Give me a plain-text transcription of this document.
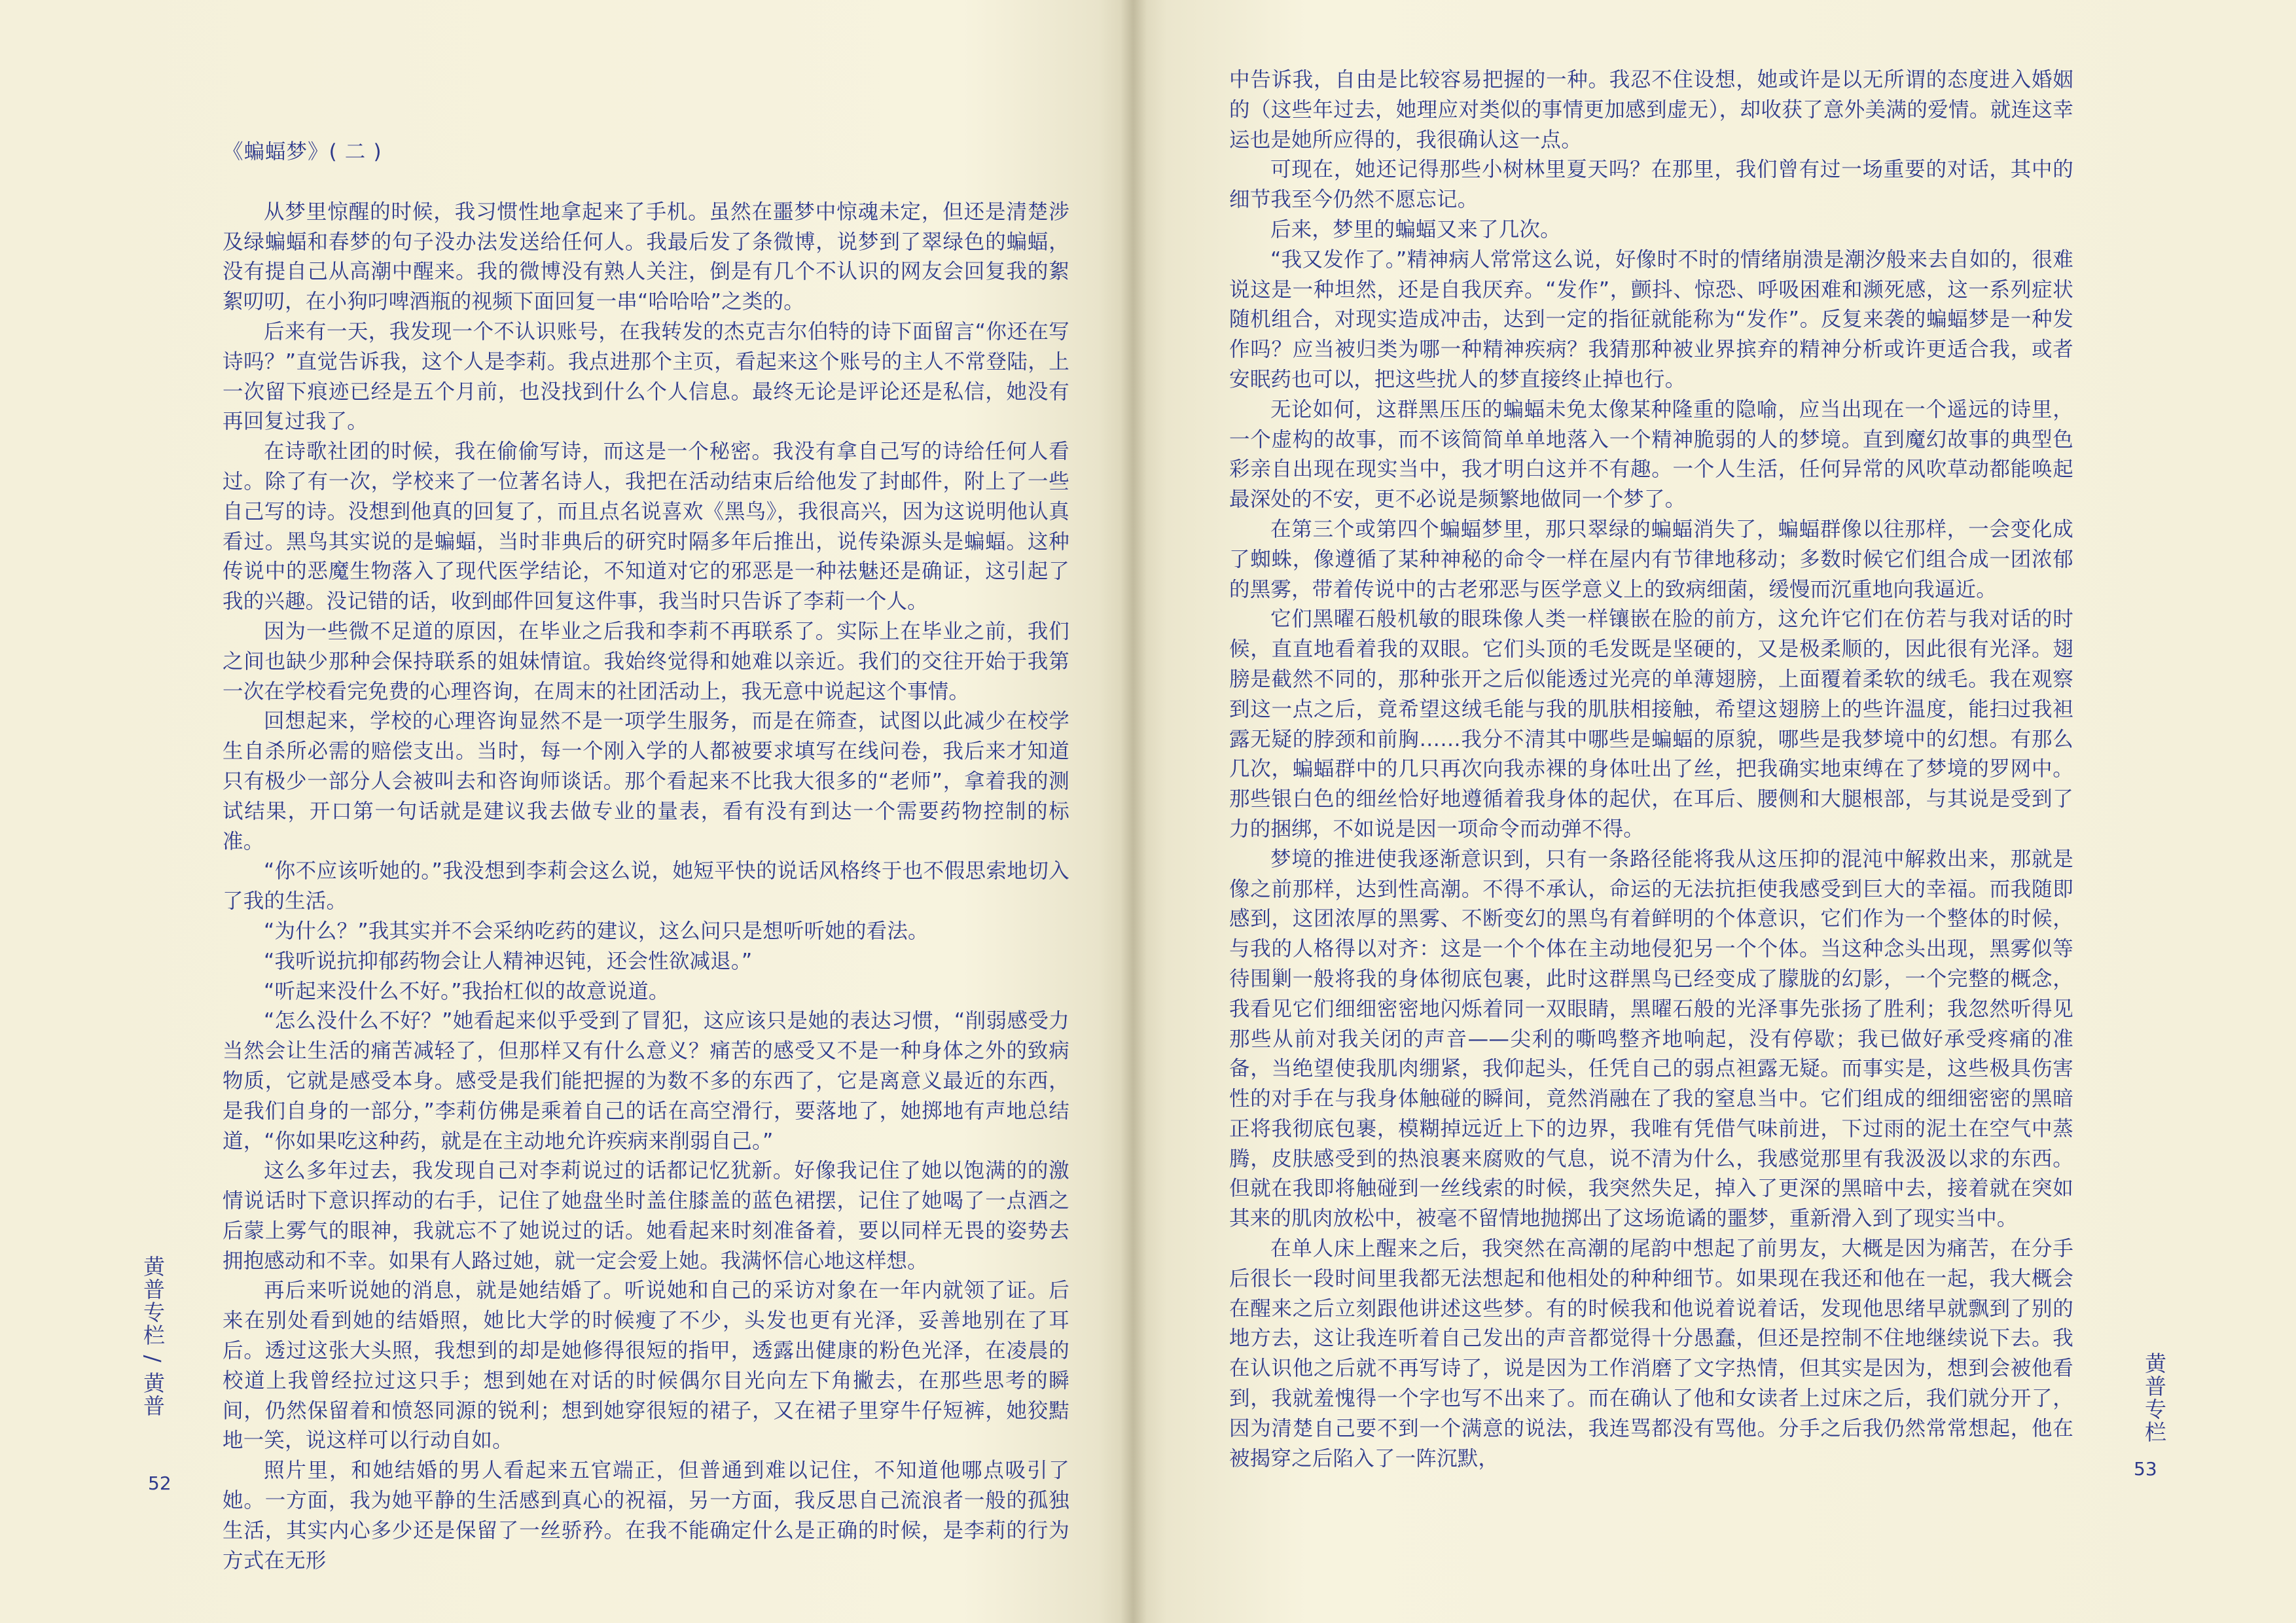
《蝙蝠梦》( 二 )

从梦里惊醒的时候，我习惯性地拿起来了手机。虽然在噩梦中惊魂未定，但还是清楚涉及绿蝙蝠和春梦的句子没办法发送给任何人。我最后发了条微博，说梦到了翠绿色的蝙蝠，没有提自己从高潮中醒来。我的微博没有熟人关注，倒是有几个不认识的网友会回复我的絮絮叨叨，在小狗叼啤酒瓶的视频下面回复一串“哈哈哈”之类的。

后来有一天，我发现一个不认识账号，在我转发的杰克吉尔伯特的诗下面留言“你还在写诗吗？”直觉告诉我，这个人是李莉。我点进那个主页，看起来这个账号的主人不常登陆，上一次留下痕迹已经是五个月前，也没找到什么个人信息。最终无论是评论还是私信，她没有再回复过我了。

在诗歌社团的时候，我在偷偷写诗，而这是一个秘密。我没有拿自己写的诗给任何人看过。除了有一次，学校来了一位著名诗人，我把在活动结束后给他发了封邮件，附上了一些自己写的诗。没想到他真的回复了，而且点名说喜欢《黑鸟》，我很高兴，因为这说明他认真看过。黑鸟其实说的是蝙蝠，当时非典后的研究时隔多年后推出，说传染源头是蝙蝠。这种传说中的恶魔生物落入了现代医学结论，不知道对它的邪恶是一种祛魅还是确证，这引起了我的兴趣。没记错的话，收到邮件回复这件事，我当时只告诉了李莉一个人。

因为一些微不足道的原因，在毕业之后我和李莉不再联系了。实际上在毕业之前，我们之间也缺少那种会保持联系的姐妹情谊。我始终觉得和她难以亲近。我们的交往开始于我第一次在学校看完免费的心理咨询，在周末的社团活动上，我无意中说起这个事情。

回想起来，学校的心理咨询显然不是一项学生服务，而是在筛查，试图以此减少在校学生自杀所必需的赔偿支出。当时，每一个刚入学的人都被要求填写在线问卷，我后来才知道只有极少一部分人会被叫去和咨询师谈话。那个看起来不比我大很多的“老师”，拿着我的测试结果，开口第一句话就是建议我去做专业的量表，看有没有到达一个需要药物控制的标准。

“你不应该听她的。”我没想到李莉会这么说，她短平快的说话风格终于也不假思索地切入了我的生活。

“为什么？”我其实并不会采纳吃药的建议，这么问只是想听听她的看法。

“我听说抗抑郁药物会让人精神迟钝，还会性欲减退。”

“听起来没什么不好。”我抬杠似的故意说道。

“怎么没什么不好？”她看起来似乎受到了冒犯，这应该只是她的表达习惯，“削弱感受力当然会让生活的痛苦减轻了，但那样又有什么意义？痛苦的感受又不是一种身体之外的致病物质，它就是感受本身。感受是我们能把握的为数不多的东西了，它是离意义最近的东西，是我们自身的一部分，”李莉仿佛是乘着自己的话在高空滑行，要落地了，她掷地有声地总结道，“你如果吃这种药，就是在主动地允许疾病来削弱自己。”

这么多年过去，我发现自己对李莉说过的话都记忆犹新。好像我记住了她以饱满的的激情说话时下意识挥动的右手，记住了她盘坐时盖住膝盖的蓝色裙摆，记住了她喝了一点酒之后蒙上雾气的眼神，我就忘不了她说过的话。她看起来时刻准备着，要以同样无畏的姿势去拥抱感动和不幸。如果有人路过她，就一定会爱上她。我满怀信心地这样想。

再后来听说她的消息，就是她结婚了。听说她和自己的采访对象在一年内就领了证。后来在别处看到她的结婚照，她比大学的时候瘦了不少，头发也更有光泽，妥善地别在了耳后。透过这张大头照，我想到的却是她修得很短的指甲，透露出健康的粉色光泽，在凌晨的校道上我曾经拉过这只手；想到她在对话的时候偶尔目光向左下角撇去，在那些思考的瞬间，仍然保留着和愤怒同源的锐利；想到她穿很短的裙子，又在裙子里穿牛仔短裤，她狡黠地一笑，说这样可以行动自如。

照片里，和她结婚的男人看起来五官端正，但普通到难以记住，不知道他哪点吸引了她。一方面，我为她平静的生活感到真心的祝福，另一方面，我反思自己流浪者一般的孤独生活，其实内心多少还是保留了一丝骄矜。在我不能确定什么是正确的时候，是李莉的行为方式在无形

黄普专栏 / 黄普
52

中告诉我，自由是比较容易把握的一种。我忍不住设想，她或许是以无所谓的态度进入婚姻的（这些年过去，她理应对类似的事情更加感到虚无），却收获了意外美满的爱情。就连这幸运也是她所应得的，我很确认这一点。

可现在，她还记得那些小树林里夏天吗？在那里，我们曾有过一场重要的对话，其中的细节我至今仍然不愿忘记。

后来，梦里的蝙蝠又来了几次。

“我又发作了。”精神病人常常这么说，好像时不时的情绪崩溃是潮汐般来去自如的，很难说这是一种坦然，还是自我厌弃。“发作”，颤抖、惊恐、呼吸困难和濒死感，这一系列症状随机组合，对现实造成冲击，达到一定的指征就能称为“发作”。反复来袭的蝙蝠梦是一种发作吗？应当被归类为哪一种精神疾病？我猜那种被业界摈弃的精神分析或许更适合我，或者安眠药也可以，把这些扰人的梦直接终止掉也行。

无论如何，这群黑压压的蝙蝠未免太像某种隆重的隐喻，应当出现在一个遥远的诗里，一个虚构的故事，而不该简简单单地落入一个精神脆弱的人的梦境。直到魔幻故事的典型色彩亲自出现在现实当中，我才明白这并不有趣。一个人生活，任何异常的风吹草动都能唤起最深处的不安，更不必说是频繁地做同一个梦了。

在第三个或第四个蝙蝠梦里，那只翠绿的蝙蝠消失了，蝙蝠群像以往那样，一会变化成了蜘蛛，像遵循了某种神秘的命令一样在屋内有节律地移动；多数时候它们组合成一团浓郁的黑雾，带着传说中的古老邪恶与医学意义上的致病细菌，缓慢而沉重地向我逼近。

它们黑曜石般机敏的眼珠像人类一样镶嵌在脸的前方，这允许它们在仿若与我对话的时候，直直地看着我的双眼。它们头顶的毛发既是坚硬的，又是极柔顺的，因此很有光泽。翅膀是截然不同的，那种张开之后似能透过光亮的单薄翅膀，上面覆着柔软的绒毛。我在观察到这一点之后，竟希望这绒毛能与我的肌肤相接触，希望这翅膀上的些许温度，能扫过我袒露无疑的脖颈和前胸……我分不清其中哪些是蝙蝠的原貌，哪些是我梦境中的幻想。有那么几次，蝙蝠群中的几只再次向我赤裸的身体吐出了丝，把我确实地束缚在了梦境的罗网中。那些银白色的细丝恰好地遵循着我身体的起伏，在耳后、腰侧和大腿根部，与其说是受到了力的捆绑，不如说是因一项命令而动弹不得。

梦境的推进使我逐渐意识到，只有一条路径能将我从这压抑的混沌中解救出来，那就是像之前那样，达到性高潮。不得不承认，命运的无法抗拒使我感受到巨大的幸福。而我随即感到，这团浓厚的黑雾、不断变幻的黑鸟有着鲜明的个体意识，它们作为一个整体的时候，与我的人格得以对齐：这是一个个体在主动地侵犯另一个个体。当这种念头出现，黑雾似等待围剿一般将我的身体彻底包裹，此时这群黑鸟已经变成了朦胧的幻影，一个完整的概念，我看见它们细细密密地闪烁着同一双眼睛，黑曜石般的光泽事先张扬了胜利；我忽然听得见那些从前对我关闭的声音——尖利的嘶鸣整齐地响起，没有停歇；我已做好承受疼痛的准备，当绝望使我肌肉绷紧，我仰起头，任凭自己的弱点袒露无疑。而事实是，这些极具伤害性的对手在与我身体触碰的瞬间，竟然消融在了我的窒息当中。它们组成的细细密密的黑暗正将我彻底包裹，模糊掉远近上下的边界，我唯有凭借气味前进，下过雨的泥土在空气中蒸腾，皮肤感受到的热浪裹来腐败的气息，说不清为什么，我感觉那里有我汲汲以求的东西。但就在我即将触碰到一丝线索的时候，我突然失足，掉入了更深的黑暗中去，接着就在突如其来的肌肉放松中，被毫不留情地抛掷出了这场诡谲的噩梦，重新滑入到了现实当中。

在单人床上醒来之后，我突然在高潮的尾韵中想起了前男友，大概是因为痛苦，在分手后很长一段时间里我都无法想起和他相处的种种细节。如果现在我还和他在一起，我大概会在醒来之后立刻跟他讲述这些梦。有的时候我和他说着说着话，发现他思绪早就飘到了别的地方去，这让我连听着自己发出的声音都觉得十分愚蠢，但还是控制不住地继续说下去。我在认识他之后就不再写诗了，说是因为工作消磨了文字热情，但其实是因为，想到会被他看到，我就羞愧得一个字也写不出来了。而在确认了他和女读者上过床之后，我们就分开了，因为清楚自己要不到一个满意的说法，我连骂都没有骂他。分手之后我仍然常常想起，他在被揭穿之后陷入了一阵沉默，

黄普专栏
53
